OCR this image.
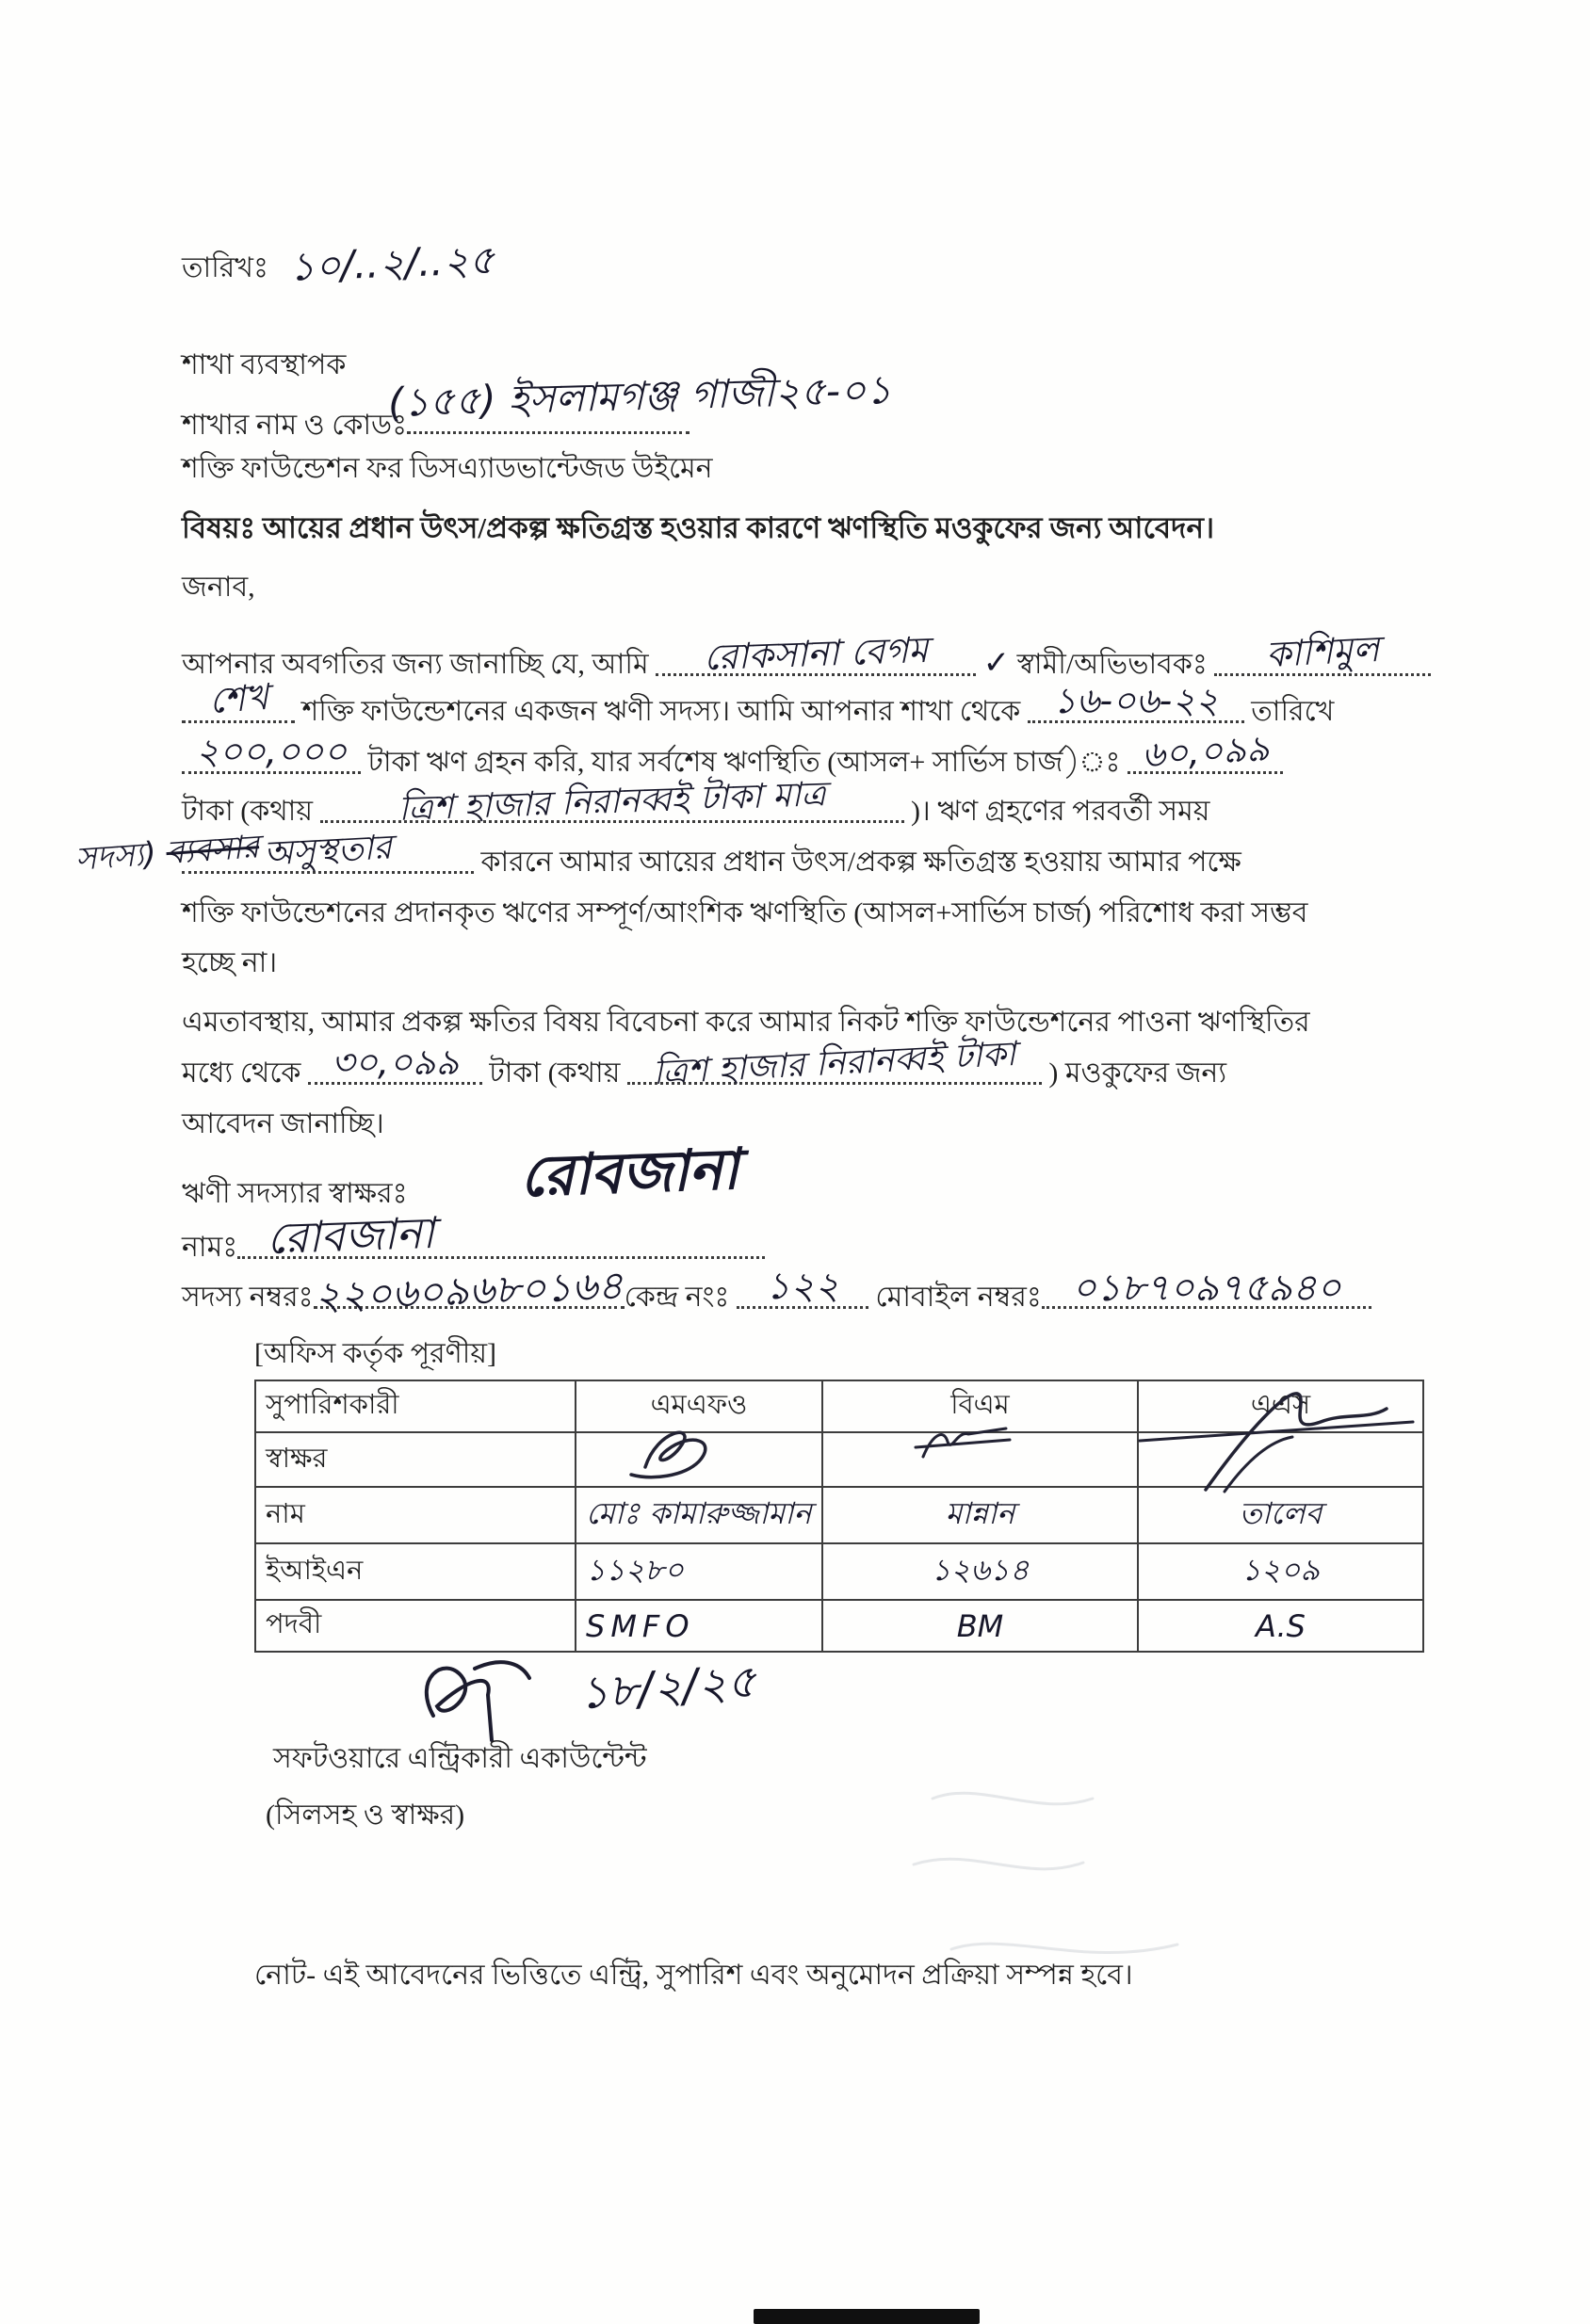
তারিখঃ ১০/..২/..২৫
শাখা ব্যবস্থাপক
শাখার নাম ও কোডঃ
(১৫৫) ইসলামগঞ্জ গাজী২৫-০১
শক্তি ফাউন্ডেশন ফর ডিসএ্যাডভান্টেজড উইমেন
বিষয়ঃ আয়ের প্রধান উৎস/প্রকল্প ক্ষতিগ্রস্ত হওয়ার কারণে ঋণস্থিতি মওকুফের জন্য আবেদন।
জনাব,
আপনার অবগতির জন্য জানাচ্ছি যে, আমি রোকসানা বেগম ✓ স্বামী/অভিভাবকঃ কাশিমুল
শেখ শক্তি ফাউন্ডেশনের একজন ঋণী সদস্য। আমি আপনার শাখা থেকে ১৬-০৬-২২ তারিখে
২০০,০০০ টাকা ঋণ গ্রহন করি, যার সর্বশেষ ঋণস্থিতি (আসল+ সার্ভিস চার্জ)ঃ ৬০,০৯৯
টাকা (কথায় ত্রিশ হাজার নিরানব্বই টাকা মাত্র	)। ঋণ গ্রহণের পরবর্তী সময়
সদস্য) ব্যবসার অসুস্থতার	কারনে আমার আয়ের প্রধান উৎস/প্রকল্প ক্ষতিগ্রস্ত হওয়ায় আমার পক্ষে
শক্তি ফাউন্ডেশনের প্রদানকৃত ঋণের সম্পূর্ণ/আংশিক ঋণস্থিতি (আসল+সার্ভিস চার্জ) পরিশোধ করা সম্ভব
হচ্ছে না।
এমতাবস্থায়, আমার প্রকল্প ক্ষতির বিষয় বিবেচনা করে আমার নিকট শক্তি ফাউন্ডেশনের পাওনা ঋণস্থিতির
মধ্যে থেকে ৩০,০৯৯ টাকা (কথায় ত্রিশ হাজার নিরানব্বই টাকা ) মওকুফের জন্য
আবেদন জানাচ্ছি।
ঋণী সদস্যার স্বাক্ষরঃ রোবজানা
নামঃ রোবজানা
সদস্য নম্বরঃ২২০৬০৯৬৮০১৬৪কেন্দ্র নংঃ ১২২ মোবাইল নম্বরঃ ০১৮৭০৯৭৫৯৪০
[অফিস কর্তৃক পূরণীয়]
সুপারিশকারী	এমএফও	বিএম	এএস
স্বাক্ষর			
নাম	মোঃ কামারুজ্জামান	মান্নান	তালেব
ইআইএন	১১২৮০	১২৬১৪	১২০৯
পদবী	SMFO	BM	A.S
১৮/২/২৫
সফটওয়ারে এন্ট্রিকারী একাউন্টেন্ট
(সিলসহ ও স্বাক্ষর)
নোট- এই আবেদনের ভিত্তিতে এন্ট্রি, সুপারিশ এবং অনুমোদন প্রক্রিয়া সম্পন্ন হবে।
